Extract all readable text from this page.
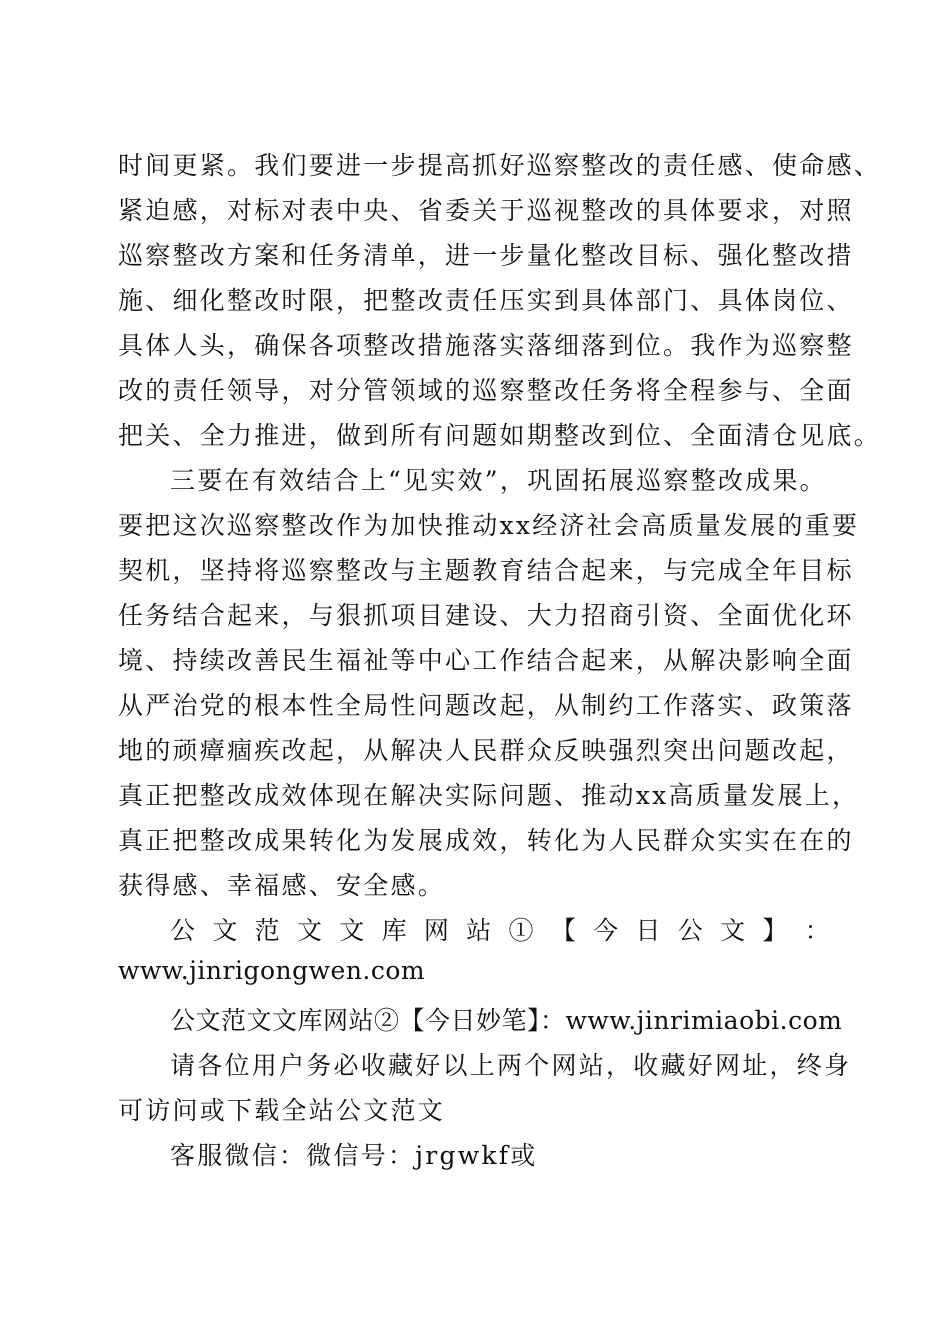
时间更紧。我们要进一步提高抓好巡察整改的责任感、使命感、
紧迫感，对标对表中央、省委关于巡视整改的具体要求，对照
巡察整改方案和任务清单，进一步量化整改目标、强化整改措
施、细化整改时限，把整改责任压实到具体部门、具体岗位、
具体人头，确保各项整改措施落实落细落到位。我作为巡察整
改的责任领导，对分管领域的巡察整改任务将全程参与、全面
把关、全力推进，做到所有问题如期整改到位、全面清仓见底。
三要在有效结合上“见实效”，巩固拓展巡察整改成果。
要把这次巡察整改作为加快推动xx经济社会高质量发展的重要
契机，坚持将巡察整改与主题教育结合起来，与完成全年目标
任务结合起来，与狠抓项目建设、大力招商引资、全面优化环
境、持续改善民生福祉等中心工作结合起来，从解决影响全面
从严治党的根本性全局性问题改起，从制约工作落实、政策落
地的顽瘴痼疾改起，从解决人民群众反映强烈突出问题改起，
真正把整改成效体现在解决实际问题、推动xx高质量发展上，
真正把整改成果转化为发展成效，转化为人民群众实实在在的
获得感、幸福感、安全感。
公 文 范 文 文 库 网 站 ① 【 今 日 公 文 】 ：
www.jinrigongwen.com
公文范文文库网站②【今日妙笔】：www.jinrimiaobi.com
请各位用户务必收藏好以上两个网站，收藏好网址，终身
可访问或下载全站公文范文
客服微信：微信号：jrgwkf或
